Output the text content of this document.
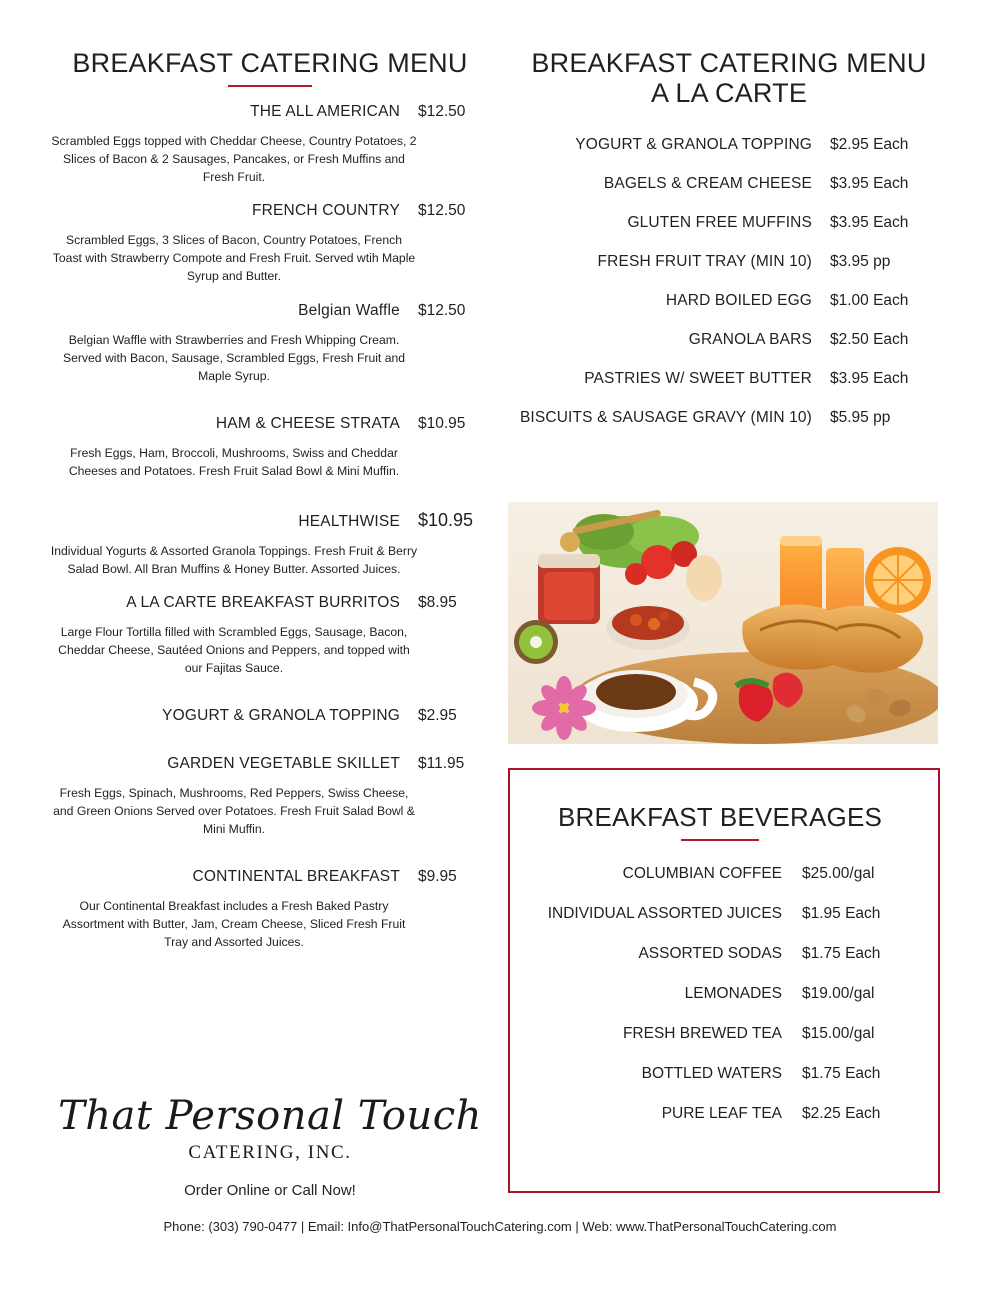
BREAKFAST CATERING MENU
THE ALL AMERICAN	$12.50
Scrambled Eggs topped with Cheddar Cheese, Country Potatoes, 2 Slices of Bacon & 2 Sausages, Pancakes, or Fresh Muffins and Fresh Fruit.
FRENCH COUNTRY	$12.50
Scrambled Eggs, 3 Slices of Bacon, Country Potatoes, French Toast with Strawberry Compote and Fresh Fruit. Served wtih Maple Syrup and Butter.
Belgian Waffle	$12.50
Belgian Waffle with Strawberries and Fresh Whipping Cream. Served with Bacon, Sausage, Scrambled Eggs, Fresh Fruit and Maple Syrup.
HAM & CHEESE STRATA	$10.95
Fresh Eggs, Ham, Broccoli, Mushrooms, Swiss and Cheddar Cheeses and Potatoes. Fresh Fruit Salad Bowl & Mini Muffin.
HEALTHWISE	$10.95
Individual Yogurts & Assorted Granola Toppings. Fresh Fruit & Berry Salad Bowl. All Bran Muffins & Honey Butter. Assorted Juices.
A LA CARTE BREAKFAST BURRITOS	$8.95
Large Flour Tortilla filled with Scrambled Eggs, Sausage, Bacon, Cheddar Cheese, Sautéed Onions and Peppers, and topped with our Fajitas Sauce.
YOGURT & GRANOLA TOPPING	$2.95
GARDEN VEGETABLE SKILLET	$11.95
Fresh Eggs, Spinach, Mushrooms, Red Peppers, Swiss Cheese, and Green Onions Served over Potatoes. Fresh Fruit Salad Bowl & Mini Muffin.
CONTINENTAL BREAKFAST	$9.95
Our Continental Breakfast includes a Fresh Baked Pastry Assortment with Butter, Jam, Cream Cheese, Sliced Fresh Fruit Tray and Assorted Juices.
BREAKFAST CATERING MENU
A LA CARTE
YOGURT & GRANOLA TOPPING	$2.95 Each
BAGELS & CREAM CHEESE	$3.95 Each
GLUTEN FREE MUFFINS	$3.95 Each
FRESH FRUIT TRAY (MIN 10)	$3.95 pp
HARD BOILED EGG	$1.00 Each
GRANOLA BARS	$2.50 Each
PASTRIES W/ SWEET BUTTER	$3.95 Each
BISCUITS & SAUSAGE GRAVY (MIN 10)	$5.95 pp
BREAKFAST BEVERAGES
COLUMBIAN COFFEE	$25.00/gal
INDIVIDUAL ASSORTED JUICES	$1.95 Each
ASSORTED SODAS	$1.75 Each
LEMONADES	$19.00/gal
FRESH BREWED TEA	$15.00/gal
BOTTLED WATERS	$1.75 Each
PURE LEAF TEA	$2.25 Each
That Personal Touch
CATERING, INC.
Order Online or Call Now!
Phone: (303) 790-0477 | Email: Info@ThatPersonalTouchCatering.com | Web: www.ThatPersonalTouchCatering.com
